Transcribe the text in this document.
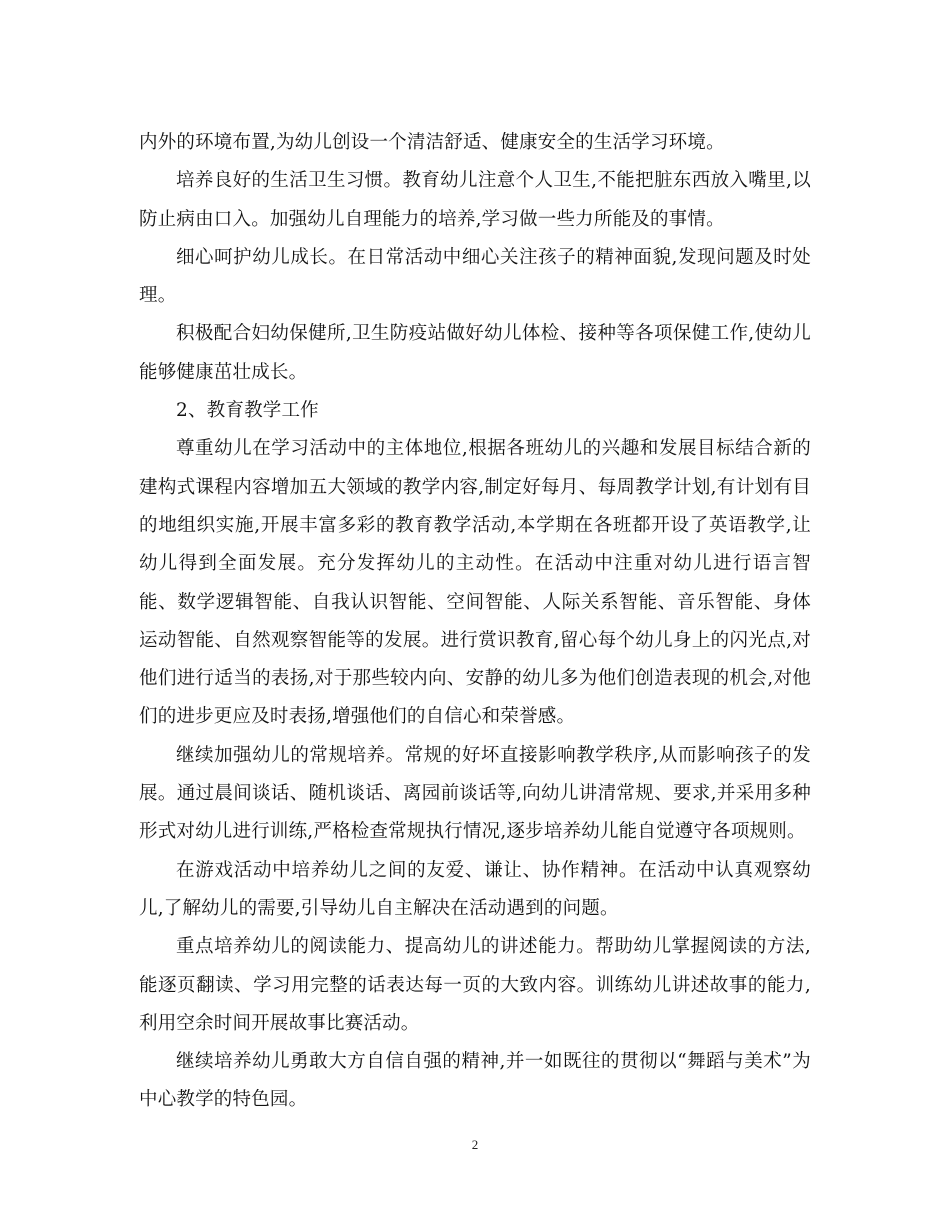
内外的环境布置,为幼儿创设一个清洁舒适、健康安全的生活学习环境。

培养良好的生活卫生习惯。教育幼儿注意个人卫生,不能把脏东西放入嘴里,以防止病由口入。加强幼儿自理能力的培养,学习做一些力所能及的事情。

细心呵护幼儿成长。在日常活动中细心关注孩子的精神面貌,发现问题及时处理。

积极配合妇幼保健所,卫生防疫站做好幼儿体检、接种等各项保健工作,使幼儿能够健康茁壮成长。

2、教育教学工作

尊重幼儿在学习活动中的主体地位,根据各班幼儿的兴趣和发展目标结合新的建构式课程内容增加五大领域的教学内容,制定好每月、每周教学计划,有计划有目的地组织实施,开展丰富多彩的教育教学活动,本学期在各班都开设了英语教学,让幼儿得到全面发展。充分发挥幼儿的主动性。在活动中注重对幼儿进行语言智能、数学逻辑智能、自我认识智能、空间智能、人际关系智能、音乐智能、身体运动智能、自然观察智能等的发展。进行赏识教育,留心每个幼儿身上的闪光点,对他们进行适当的表扬,对于那些较内向、安静的幼儿多为他们创造表现的机会,对他们的进步更应及时表扬,增强他们的自信心和荣誉感。

继续加强幼儿的常规培养。常规的好坏直接影响教学秩序,从而影响孩子的发展。通过晨间谈话、随机谈话、离园前谈话等,向幼儿讲清常规、要求,并采用多种形式对幼儿进行训练,严格检查常规执行情况,逐步培养幼儿能自觉遵守各项规则。

在游戏活动中培养幼儿之间的友爱、谦让、协作精神。在活动中认真观察幼儿,了解幼儿的需要,引导幼儿自主解决在活动遇到的问题。

重点培养幼儿的阅读能力、提高幼儿的讲述能力。帮助幼儿掌握阅读的方法,能逐页翻读、学习用完整的话表达每一页的大致内容。训练幼儿讲述故事的能力,利用空余时间开展故事比赛活动。

继续培养幼儿勇敢大方自信自强的精神,并一如既往的贯彻以“舞蹈与美术”为中心教学的特色园。

2
